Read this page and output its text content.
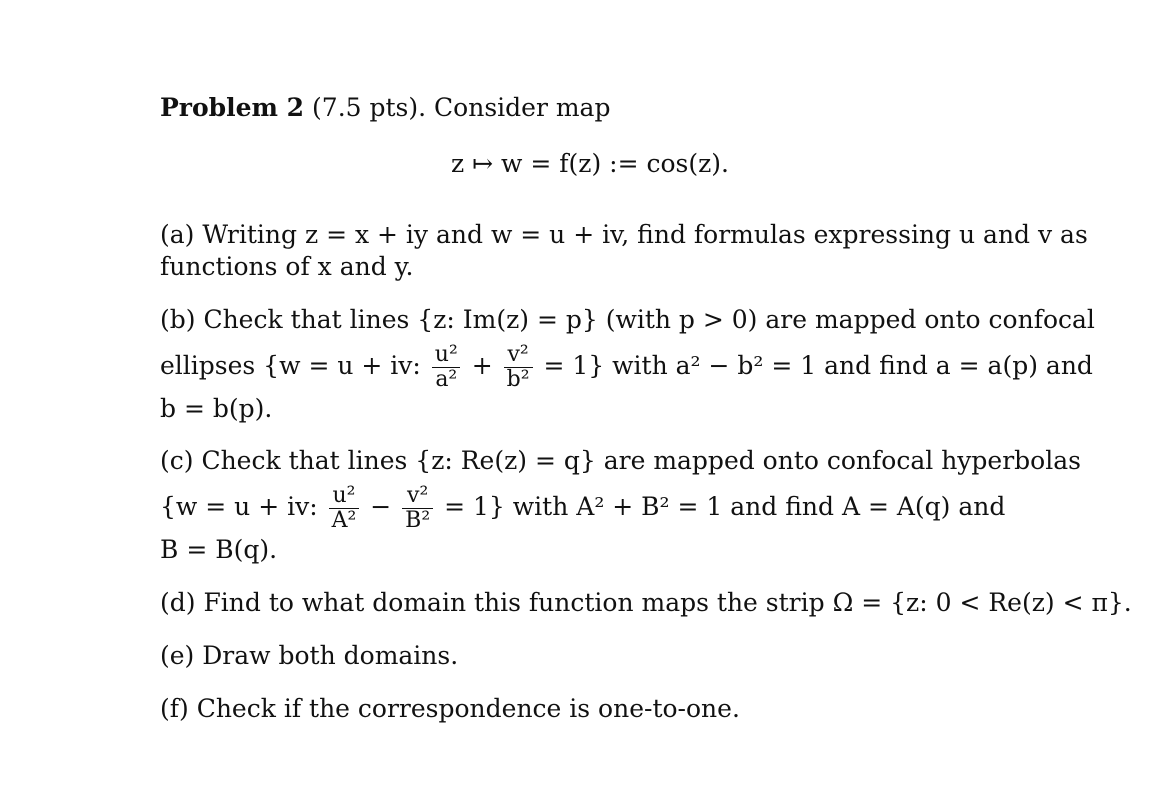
Problem 2 (7.5 pts). Consider map
z ↦ w = f(z) := cos(z).
(a) Writing z = x + iy and w = u + iv, find formulas expressing u and v as
functions of x and y.
(b) Check that lines {z: Im(z) = p} (with p > 0) are mapped onto confocal
ellipses {w = u + iv: $\frac{\text{u²}}{\text{a²}} + \frac{\text{v²}}{\text{b²}} = 1$} with a² − b² = 1 and find a = a(p) and
b = b(p).
(c) Check that lines {z: Re(z) = q} are mapped onto confocal hyperbolas
{w = u + iv: $\frac{\text{u²}}{\text{A²}} - \frac{\text{v²}}{\text{B²}} = 1$} with A² + B² = 1 and find A = A(q) and
B = B(q).
(d) Find to what domain this function maps the strip Ω = {z: 0 < Re(z) < π}.
(e) Draw both domains.
(f) Check if the correspondence is one-to-one.
